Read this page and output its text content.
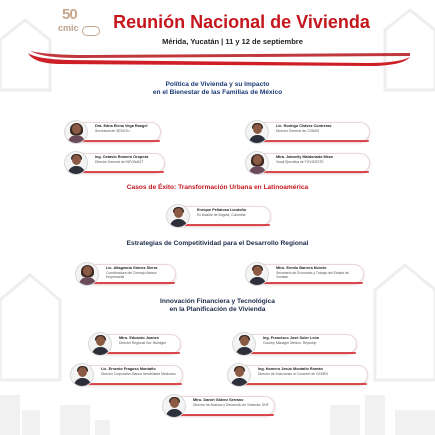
50
cmic	Reunión Nacional de Vivienda
Mérida, Yucatán | 11 y 12 de septiembre
Política de Vivienda y su Impacto
en el Bienestar de las Familias de México
Dra. Edna Elena Vega Rangel
Secretaria de SEDATU
Lic. Rodrigo Chávez Contreras
Director General de CONAVI
Ing. Octavio Romero Oropeza
Director General de INFONAVIT
Mtra. Jabneily Maldonado Meza
Vocal Ejecutiva de FOVISSSTE
Casos de Éxito: Transformación Urbana en Latinoamérica
Enrique Peñalosa Londoño
Ex Alcalde de Bogotá, Colombia
Estrategias de Competitividad para el Desarrollo Regional
Lic. Altagracia Gómez Sierra
Coordinadora del Consejo Asesor Empresarial
Mtro. Ermilo Barrera Novelo
Secretario de Economía y Trabajo del Estado de Yucatán
Innovación Financiera y Tecnológica
en la Planificación de Vivienda
Mtro. Eduardo Juanes
Director Regional Sur, Buildgen
Ing. Francisco José Soler León
Country Manager México, Repsdrip
Lic. Ernesto Fragoso Montaño
Director Corporativo Banca Inmobiliaria Mexicano
Ing. Homero Jesús Montaño Román
Director de Soluciones al Concreto de CEMEX
Mtro. Daniel Gálvez Serrano
Director de Avaluos y Desarrollo de Vivienda, SHF
